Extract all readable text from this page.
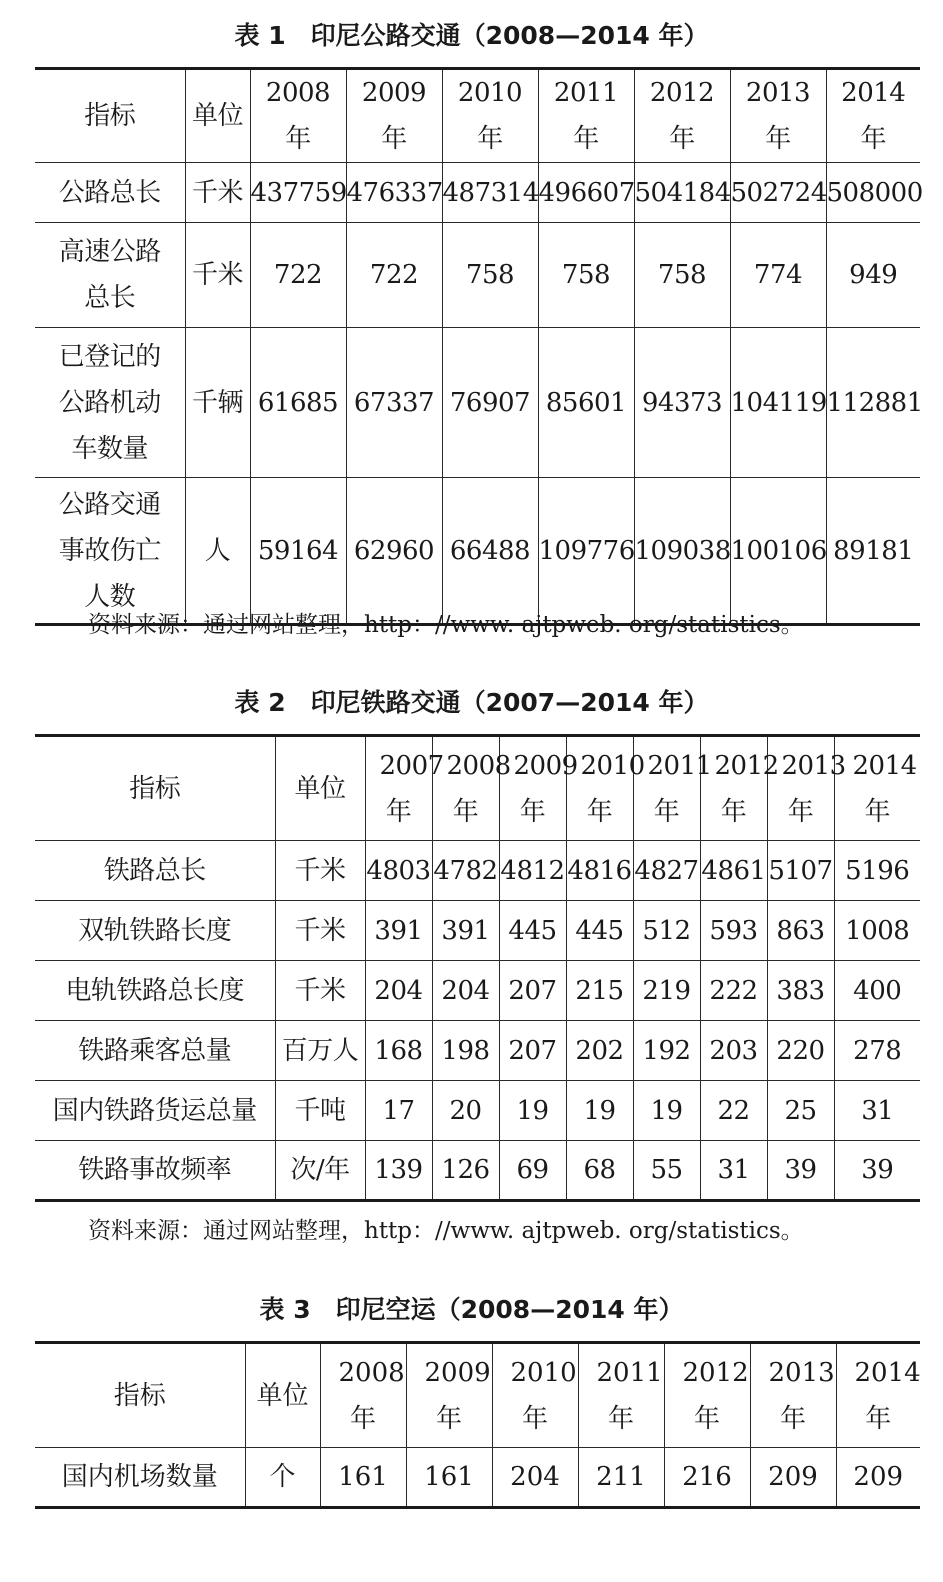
表 1　印尼公路交通（2008—2014 年）
指标	单位	2008 年	2009 年	2010 年	2011 年	2012 年	2013 年	2014 年
公路总长	千米	437759	476337	487314	496607	504184	502724	508000
高速公路总长	千米	722	722	758	758	758	774	949
已登记的公路机动车数量	千辆	61685	67337	76907	85601	94373	104119	112881
公路交通事故伤亡人数	人	59164	62960	66488	109776	109038	100106	89181
资料来源：通过网站整理，http：//www. ajtpweb. org/statistics。
表 2　印尼铁路交通（2007—2014 年）
指标	单位	2007 年	2008 年	2009 年	2010 年	2011 年	2012 年	2013 年	2014 年
铁路总长	千米	4803	4782	4812	4816	4827	4861	5107	5196
双轨铁路长度	千米	391	391	445	445	512	593	863	1008
电轨铁路总长度	千米	204	204	207	215	219	222	383	400
铁路乘客总量	百万人	168	198	207	202	192	203	220	278
国内铁路货运总量	千吨	17	20	19	19	19	22	25	31
铁路事故频率	次/年	139	126	69	68	55	31	39	39
资料来源：通过网站整理，http：//www. ajtpweb. org/statistics。
表 3　印尼空运（2008—2014 年）
指标	单位	2008 年	2009 年	2010 年	2011 年	2012 年	2013 年	2014 年
国内机场数量	个	161	161	204	211	216	209	209
